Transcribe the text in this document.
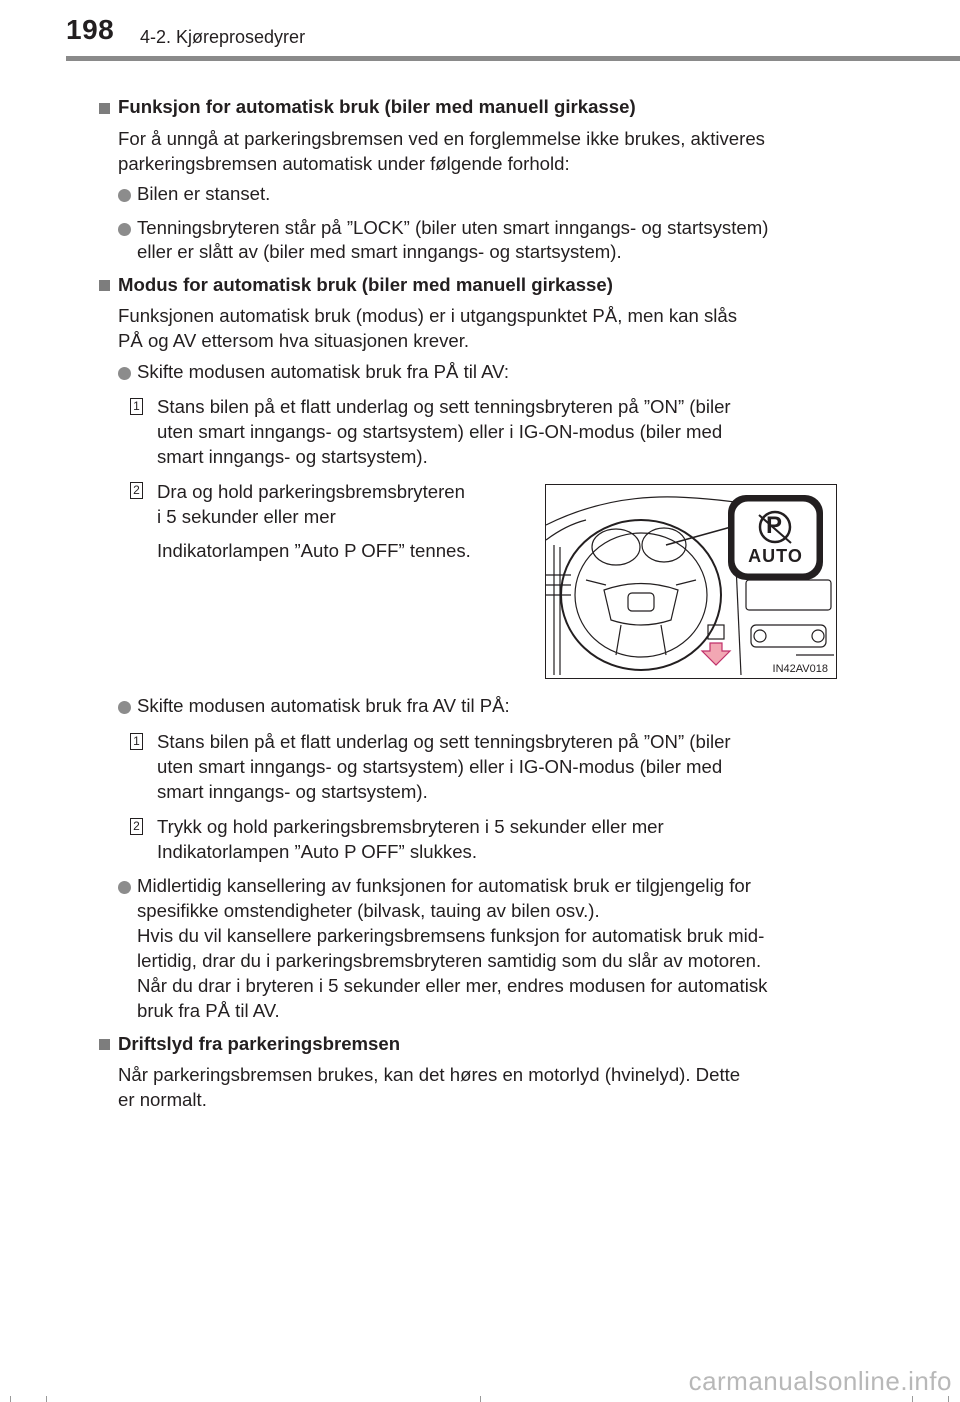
198 4-2. Kjøreprosedyrer

Funksjon for automatisk bruk (biler med manuell girkasse)

For å unngå at parkeringsbremsen ved en forglemmelse ikke brukes, aktiveres

parkeringsbremsen automatisk under følgende forhold:

Bilen er stanset.

Tenningsbryteren står på ”LOCK” (biler uten smart inngangs- og startsystem)

eller er slått av (biler med smart inngangs- og startsystem).

Modus for automatisk bruk (biler med manuell girkasse)

Funksjonen automatisk bruk (modus) er i utgangspunktet PÅ, men kan slås

PÅ og AV ettersom hva situasjonen krever.

Skifte modusen automatisk bruk fra PÅ til AV:

1 Stans bilen på et flatt underlag og sett tenningsbryteren på ”ON” (biler

uten smart inngangs- og startsystem) eller i IG-ON-modus (biler med

smart inngangs- og startsystem).

2 Dra og hold parkeringsbremsbryteren

i 5 sekunder eller mer

Indikatorlampen ”Auto P OFF” tennes.

P
AUTO
IN42AV018

Skifte modusen automatisk bruk fra AV til PÅ:

1 Stans bilen på et flatt underlag og sett tenningsbryteren på ”ON” (biler

uten smart inngangs- og startsystem) eller i IG-ON-modus (biler med

smart inngangs- og startsystem).

2 Trykk og hold parkeringsbremsbryteren i 5 sekunder eller mer

Indikatorlampen ”Auto P OFF” slukkes.

Midlertidig kansellering av funksjonen for automatisk bruk er tilgjengelig for

spesifikke omstendigheter (bilvask, tauing av bilen osv.).

Hvis du vil kansellere parkeringsbremsens funksjon for automatisk bruk mid-

lertidig, drar du i parkeringsbremsbryteren samtidig som du slår av motoren.

Når du drar i bryteren i 5 sekunder eller mer, endres modusen for automatisk

bruk fra PÅ til AV.

Driftslyd fra parkeringsbremsen

Når parkeringsbremsen brukes, kan det høres en motorlyd (hvinelyd). Dette

er normalt.

carmanualsonline.info
